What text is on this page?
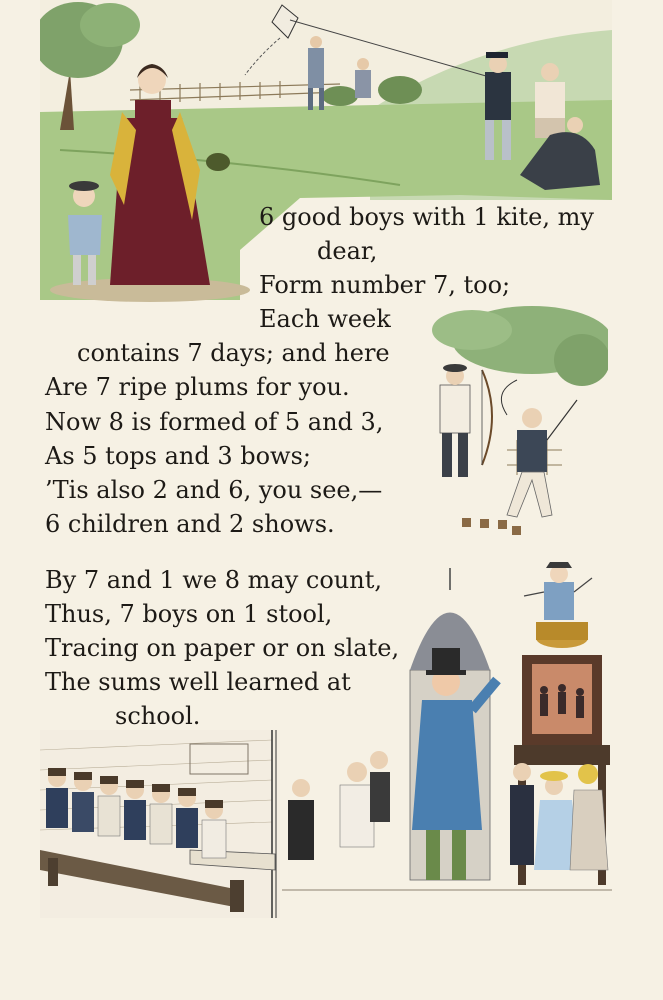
6 good boys with 1 kite, my
dear,
Form number 7, too;
Each week
contains 7 days; and here
Are 7 ripe plums for you.
Now 8 is formed of 5 and 3,
As 5 tops and 3 bows;
’Tis also 2 and 6, you see,—
6 children and 2 shows.
By 7 and 1 we 8 may count,
Thus, 7 boys on 1 stool,
Tracing on paper or on slate,
The sums well learned at
school.
